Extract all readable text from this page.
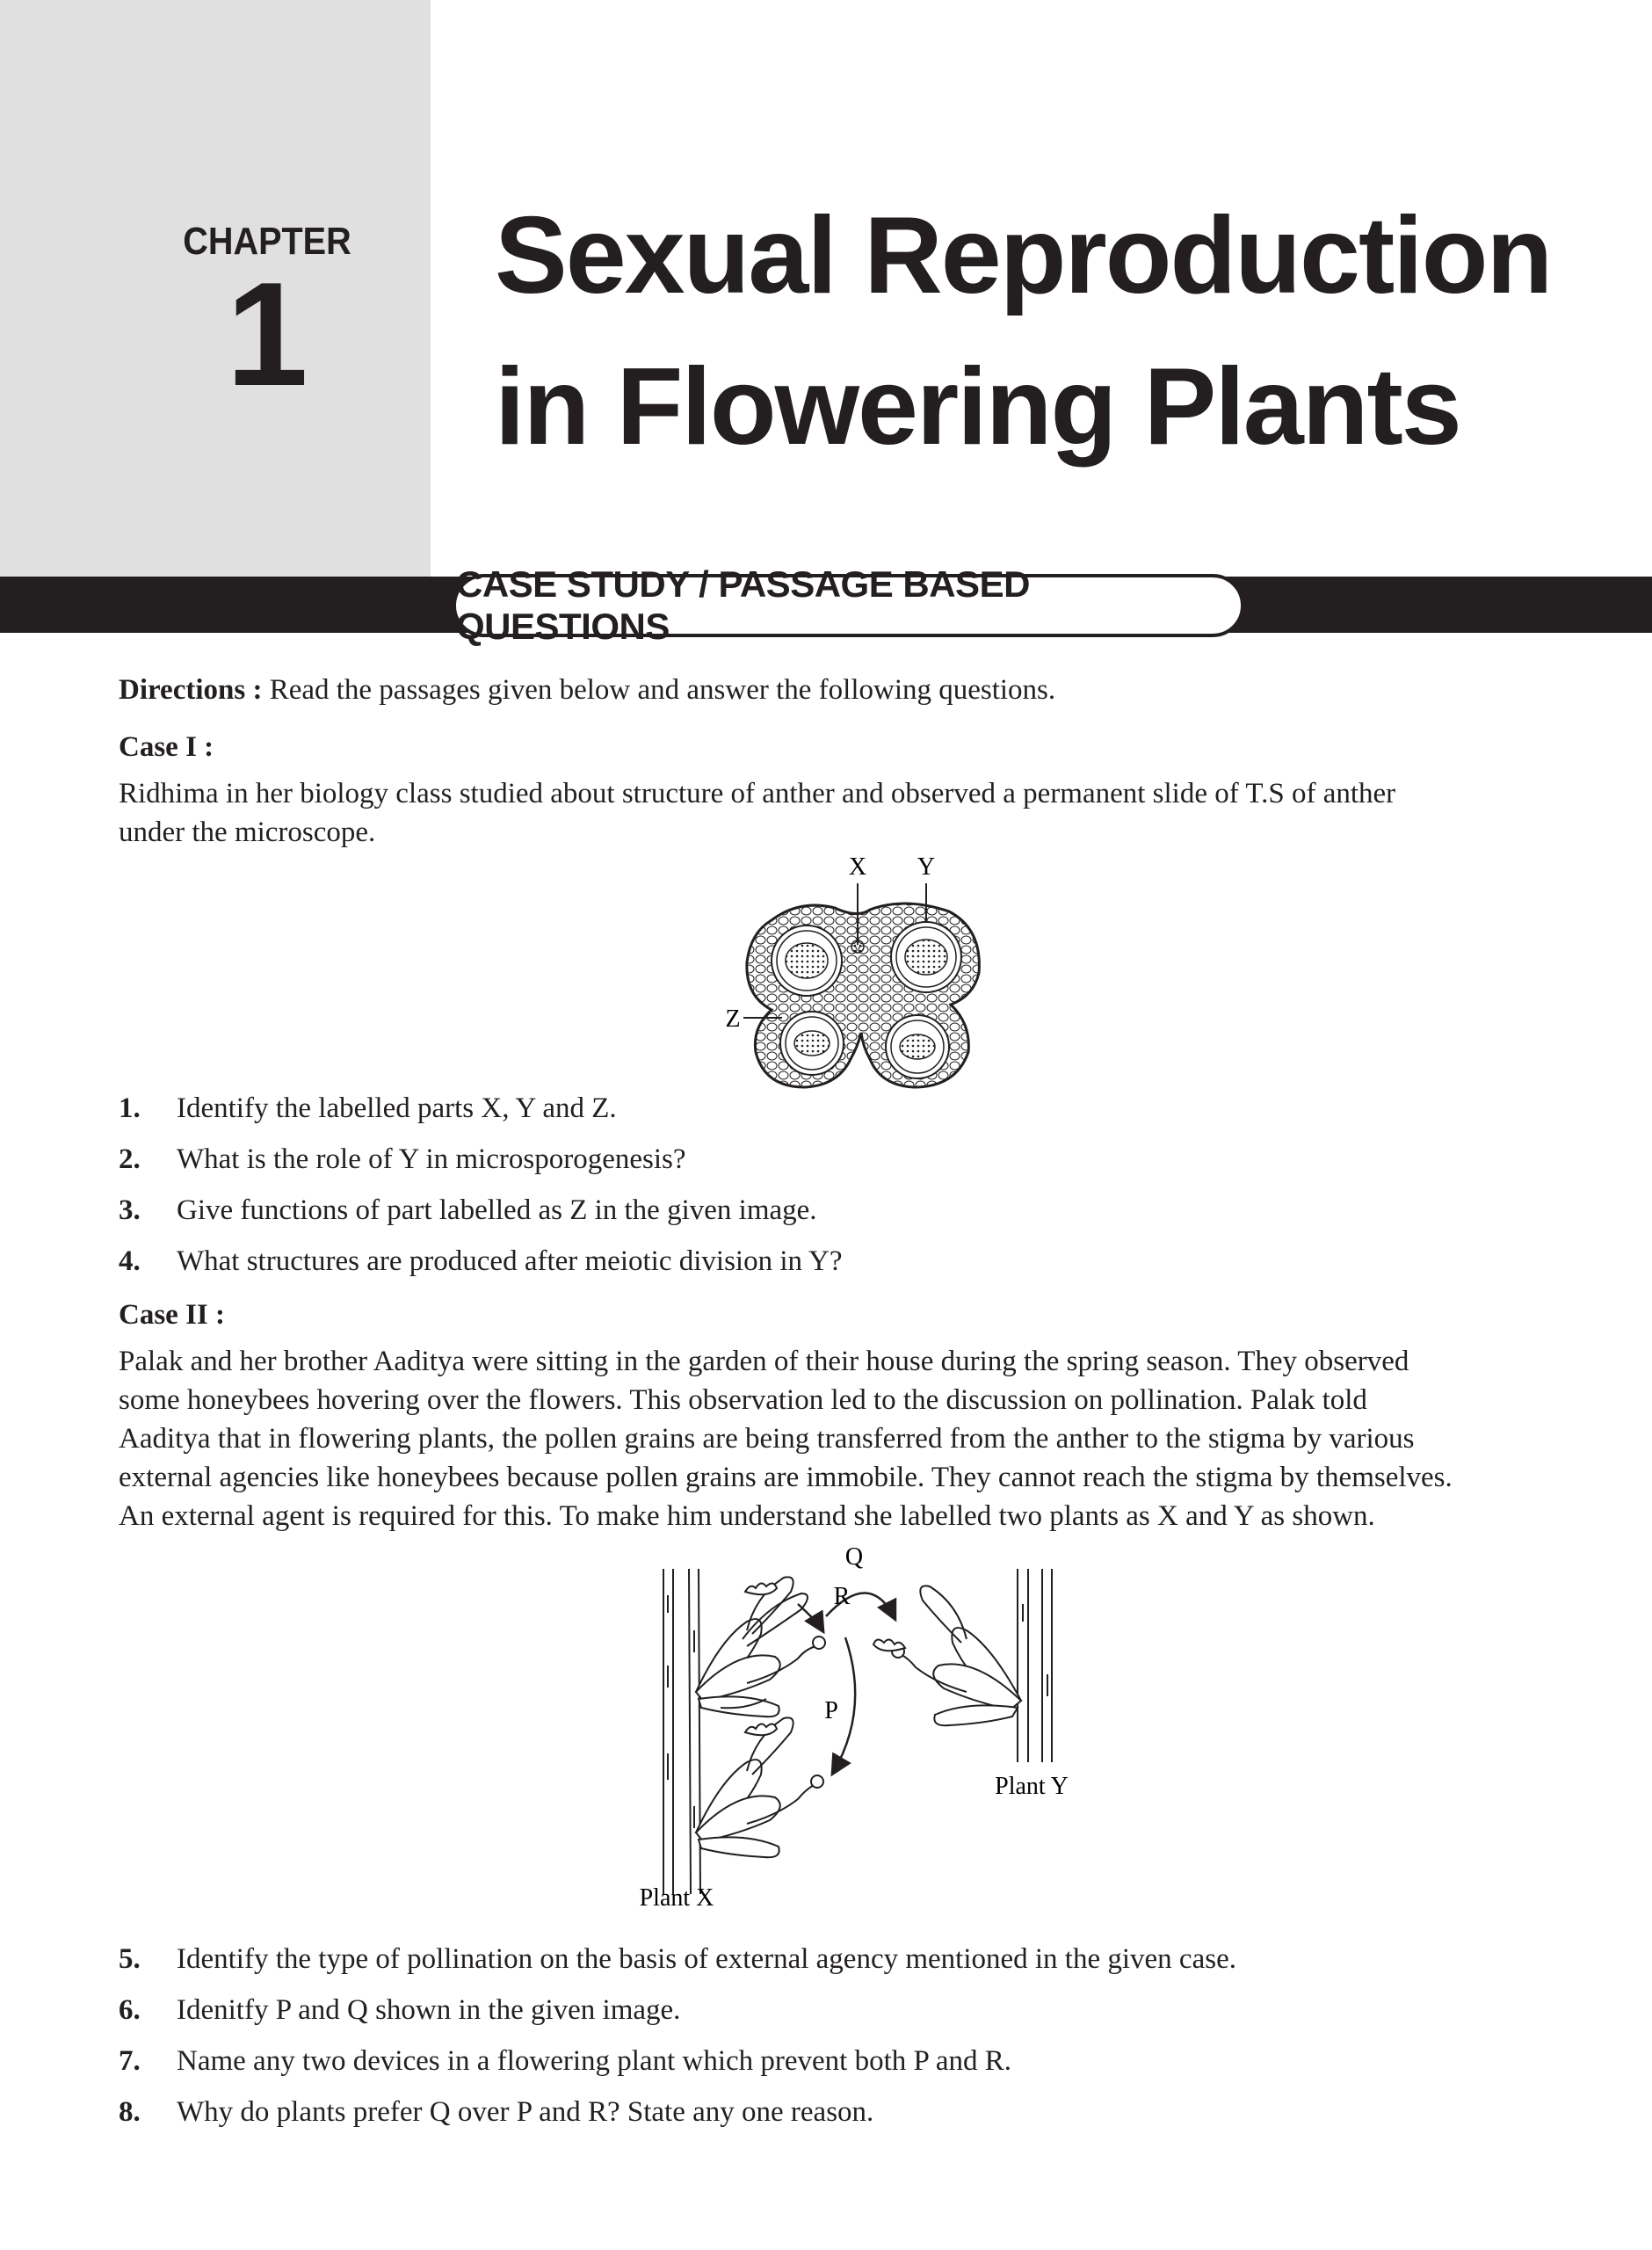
CHAPTER
1	Sexual Reproduction
in Flowering Plants
CASE STUDY / PASSAGE BASED QUESTIONS
Directions : Read the passages given below and answer the following questions.
Case I :
Ridhima in her biology class studied about structure of anther and observed a permanent slide of T.S of anther
under the microscope.
X Y
Z
1. Identify the labelled parts X, Y and Z.
2. What is the role of Y in microsporogenesis?
3. Give functions of part labelled as Z in the given image.
4. What structures are produced after meiotic division in Y?
Case II :
Palak and her brother Aaditya were sitting in the garden of their house during the spring season. They observed
some honeybees hovering over the flowers. This observation led to the discussion on pollination. Palak told
Aaditya that in flowering plants, the pollen grains are being transferred from the anther to the stigma by various
external agencies like honeybees because pollen grains are immobile. They cannot reach the stigma by themselves.
An external agent is required for this. To make him understand she labelled two plants as X and Y as shown.
Q
R
P
Plant Y
Plant X
5. Identify the type of pollination on the basis of external agency mentioned in the given case.
6. Idenitfy P and Q shown in the given image.
7. Name any two devices in a flowering plant which prevent both P and R.
8. Why do plants prefer Q over P and R? State any one reason.
